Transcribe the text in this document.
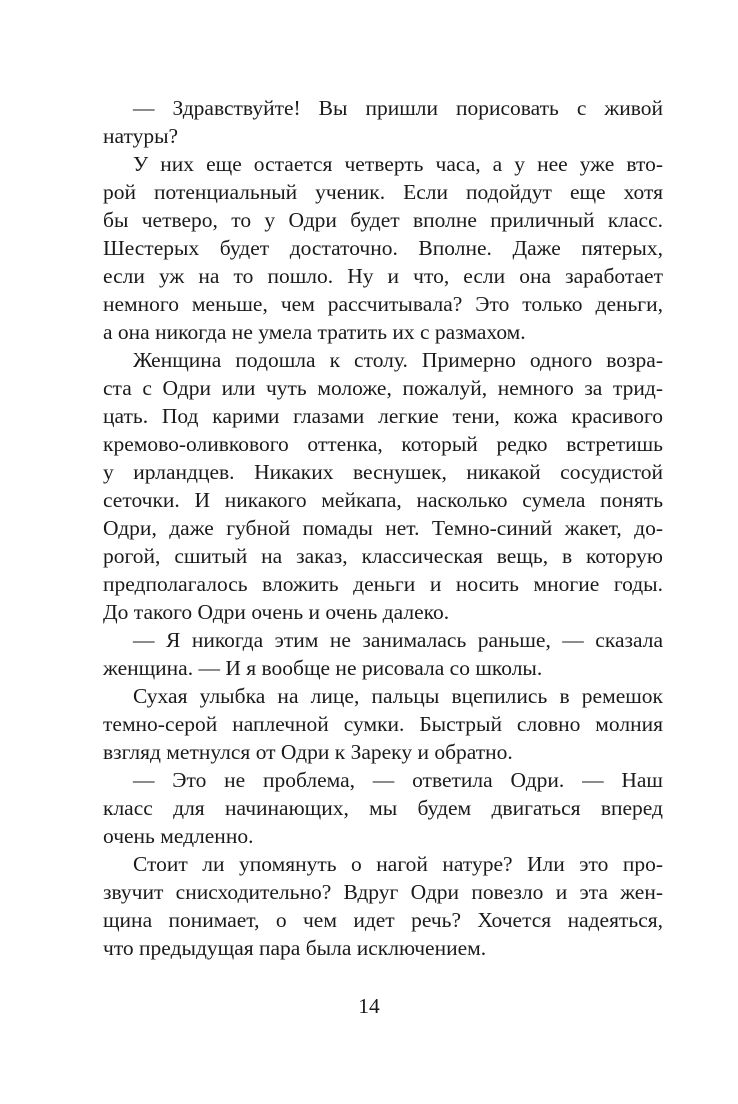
— Здравствуйте! Вы пришли порисовать с живой
натуры?
У них еще остается четверть часа, а у нее уже вто-
рой потенциальный ученик. Если подойдут еще хотя
бы четверо, то у Одри будет вполне приличный класс.
Шестерых будет достаточно. Вполне. Даже пятерых,
если уж на то пошло. Ну и что, если она заработает
немного меньше, чем рассчитывала? Это только деньги,
а она никогда не умела тратить их с размахом.
Женщина подошла к столу. Примерно одного возра-
ста с Одри или чуть моложе, пожалуй, немного за трид-
цать. Под карими глазами легкие тени, кожа красивого
кремово-оливкового оттенка, который редко встретишь
у ирландцев. Никаких веснушек, никакой сосудистой
сеточки. И никакого мейкапа, насколько сумела понять
Одри, даже губной помады нет. Темно-синий жакет, до-
рогой, сшитый на заказ, классическая вещь, в которую
предполагалось вложить деньги и носить многие годы.
До такого Одри очень и очень далеко.
— Я никогда этим не занималась раньше, — сказала
женщина. — И я вообще не рисовала со школы.
Сухая улыбка на лице, пальцы вцепились в ремешок
темно-серой наплечной сумки. Быстрый словно молния
взгляд метнулся от Одри к Зареку и обратно.
— Это не проблема, — ответила Одри. — Наш
класс для начинающих, мы будем двигаться вперед
очень медленно.
Стоит ли упомянуть о нагой натуре? Или это про-
звучит снисходительно? Вдруг Одри повезло и эта жен-
щина понимает, о чем идет речь? Хочется надеяться,
что предыдущая пара была исключением.
14
